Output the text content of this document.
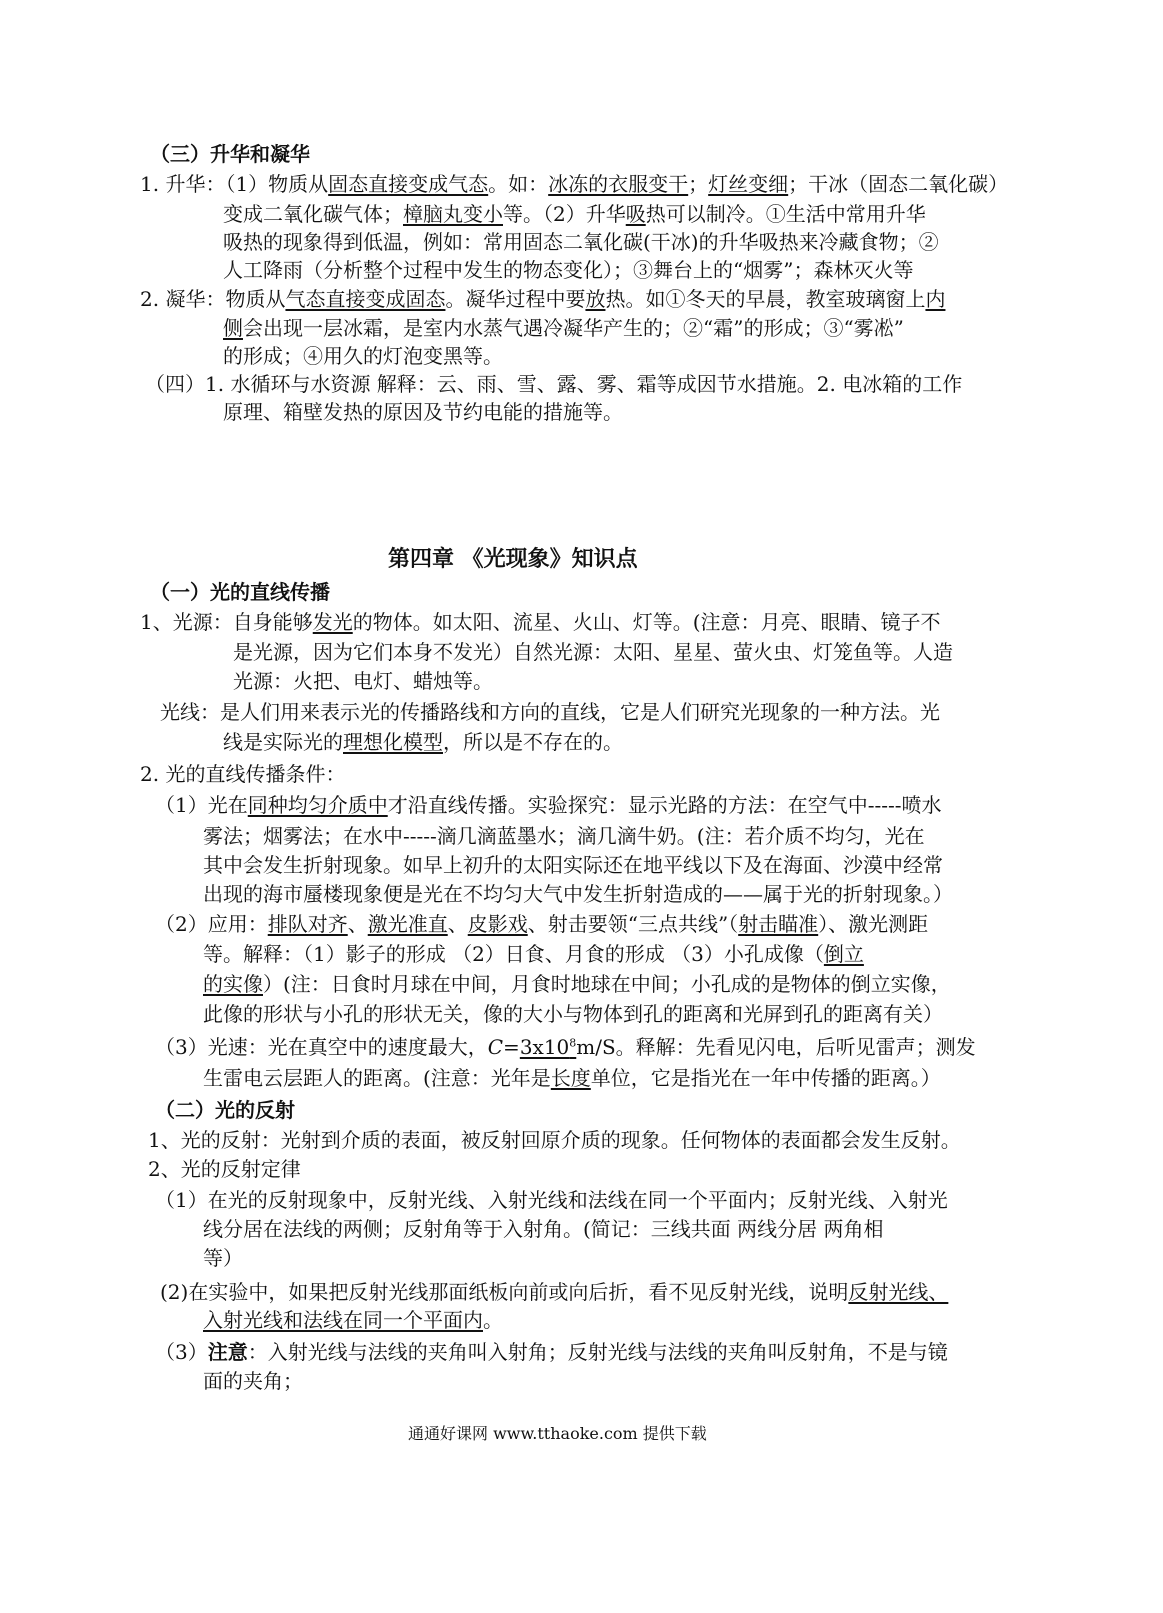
（三）升华和凝华
1. 升华：（1）物质从固态直接变成气态。如：冰冻的衣服变干；灯丝变细；干冰（固态二氧化碳）
变成二氧化碳气体；樟脑丸变小等。（2）升华吸热可以制冷。①生活中常用升华
吸热的现象得到低温，例如：常用固态二氧化碳(干冰)的升华吸热来冷藏食物；②
人工降雨（分析整个过程中发生的物态变化）；③舞台上的“烟雾”；森林灭火等
2. 凝华：物质从气态直接变成固态。凝华过程中要放热。如①冬天的早晨，教室玻璃窗上内
侧会出现一层冰霜，是室内水蒸气遇冷凝华产生的；②“霜”的形成；③“雾凇”
的形成；④用久的灯泡变黑等。
（四）1. 水循环与水资源 解释：云、雨、雪、露、雾、霜等成因节水措施。2. 电冰箱的工作
原理、箱壁发热的原因及节约电能的措施等。
第四章 《光现象》知识点
（一）光的直线传播
1、光源：自身能够发光的物体。如太阳、流星、火山、灯等。(注意：月亮、眼睛、镜子不
是光源，因为它们本身不发光）自然光源：太阳、星星、萤火虫、灯笼鱼等。人造
光源：火把、电灯、蜡烛等。
光线：是人们用来表示光的传播路线和方向的直线，它是人们研究光现象的一种方法。光
线是实际光的理想化模型，所以是不存在的。
2. 光的直线传播条件：
（1）光在同种均匀介质中才沿直线传播。实验探究：显示光路的方法：在空气中-----喷水
雾法；烟雾法；在水中-----滴几滴蓝墨水；滴几滴牛奶。(注：若介质不均匀，光在
其中会发生折射现象。如早上初升的太阳实际还在地平线以下及在海面、沙漠中经常
出现的海市蜃楼现象便是光在不均匀大气中发生折射造成的——属于光的折射现象。）
（2）应用：排队对齐、激光准直、皮影戏、射击要领“三点共线”（射击瞄准）、激光测距
等。解释：（1）影子的形成 （2）日食、月食的形成 （3）小孔成像（倒立
的实像）(注：日食时月球在中间，月食时地球在中间；小孔成的是物体的倒立实像，
此像的形状与小孔的形状无关，像的大小与物体到孔的距离和光屏到孔的距离有关）
（3）光速：光在真空中的速度最大，$C=3x10^8m/S$。释解：先看见闪电，后听见雷声；测发
生雷电云层距人的距离。(注意：光年是长度单位，它是指光在一年中传播的距离。）
（二）光的反射
1、光的反射：光射到介质的表面，被反射回原介质的现象。任何物体的表面都会发生反射。
2、光的反射定律
（1）在光的反射现象中，反射光线、入射光线和法线在同一个平面内；反射光线、入射光
线分居在法线的两侧；反射角等于入射角。(简记：三线共面 两线分居 两角相
等）
(2)在实验中，如果把反射光线那面纸板向前或向后折，看不见反射光线，说明反射光线、
入射光线和法线在同一个平面内。
（3）注意：入射光线与法线的夹角叫入射角；反射光线与法线的夹角叫反射角，不是与镜
面的夹角；
通通好课网 www.tthaoke.com 提供下载
